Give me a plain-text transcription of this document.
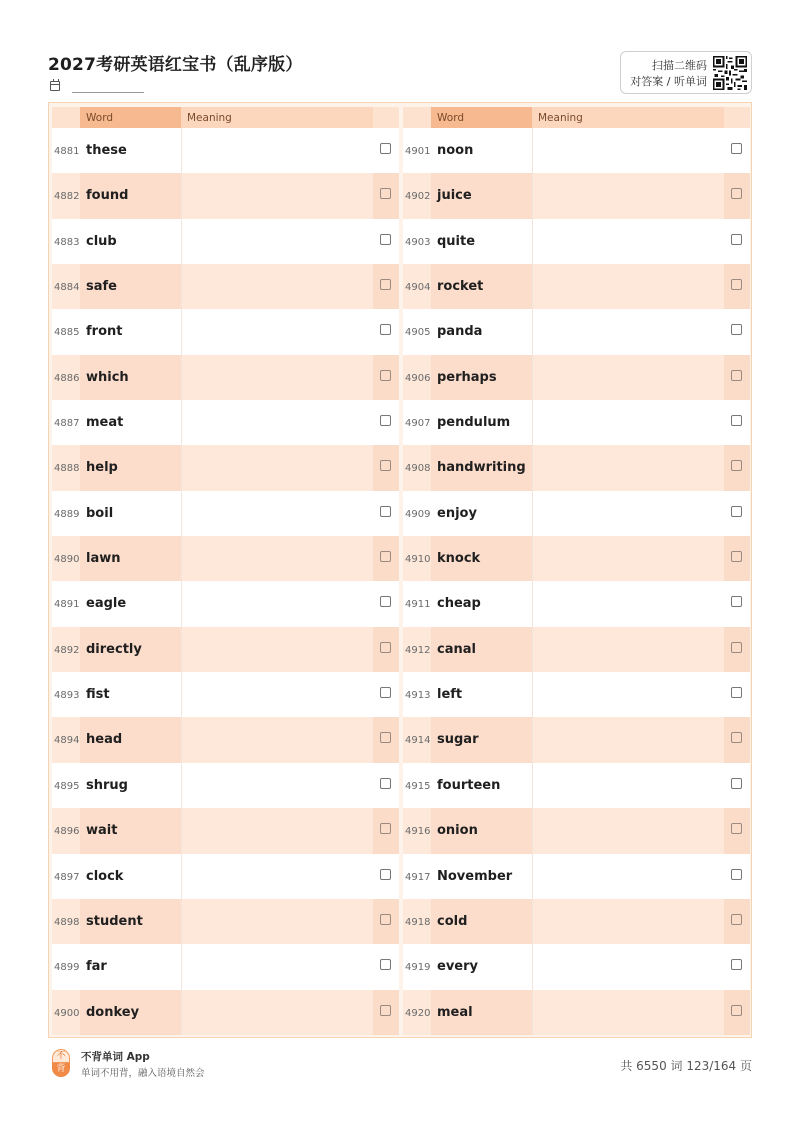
2027考研英语红宝书（乱序版）	扫描二维码
对答案 / 听单词
Word	Meaning
4881 these
4882 found
4883 club
4884 safe
4885 front
4886 which
4887 meat
4888 help
4889 boil
4890 lawn
4891 eagle
4892 directly
4893 fist
4894 head
4895 shrug
4896 wait
4897 clock
4898 student
4899 far
4900 donkey
Word	Meaning
4901 noon
4902 juice
4903 quite
4904 rocket
4905 panda
4906 perhaps
4907 pendulum
4908 handwriting
4909 enjoy
4910 knock
4911 cheap
4912 canal
4913 left
4914 sugar
4915 fourteen
4916 onion
4917 November
4918 cold
4919 every
4920 meal
不
背
不背单词 App
单词不用背，融入语境自然会
共 6550 词 123/164 页
